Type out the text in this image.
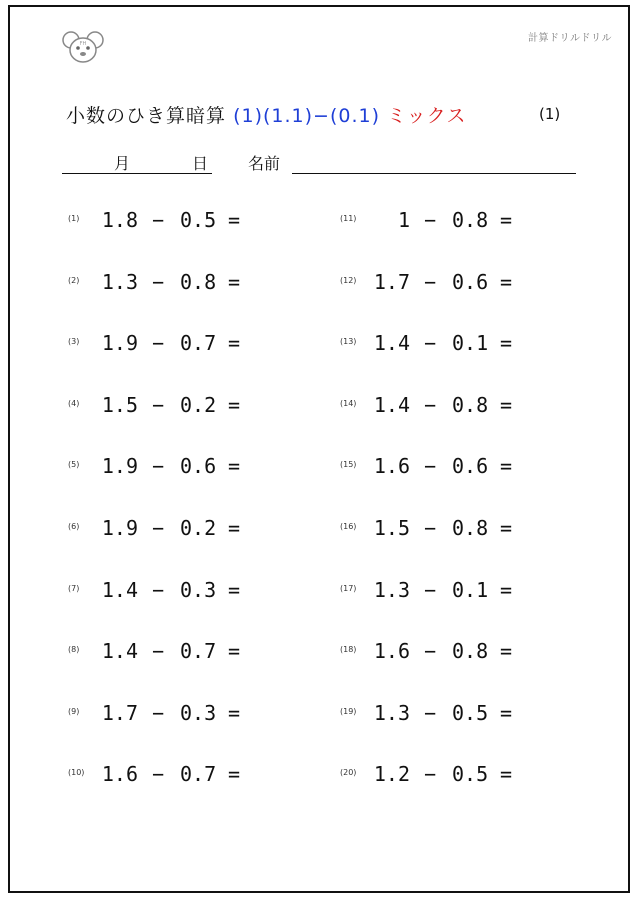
FH	計算ドリルドリル
小数のひき算暗算 (1)(1.1)−(0.1) ミックス	(1)
月	日 名前
(1)	1.8 − 0.5 =
(2)	1.3 − 0.8 =
(3)	1.9 − 0.7 =
(4)	1.5 − 0.2 =
(5)	1.9 − 0.6 =
(6)	1.9 − 0.2 =
(7)	1.4 − 0.3 =
(8)	1.4 − 0.7 =
(9)	1.7 − 0.3 =
(10) 1.6 − 0.7 =
(11)	1 − 0.8 =
(12) 1.7 − 0.6 =
(13) 1.4 − 0.1 =
(14) 1.4 − 0.8 =
(15) 1.6 − 0.6 =
(16) 1.5 − 0.8 =
(17) 1.3 − 0.1 =
(18) 1.6 − 0.8 =
(19) 1.3 − 0.5 =
(20) 1.2 − 0.5 =
